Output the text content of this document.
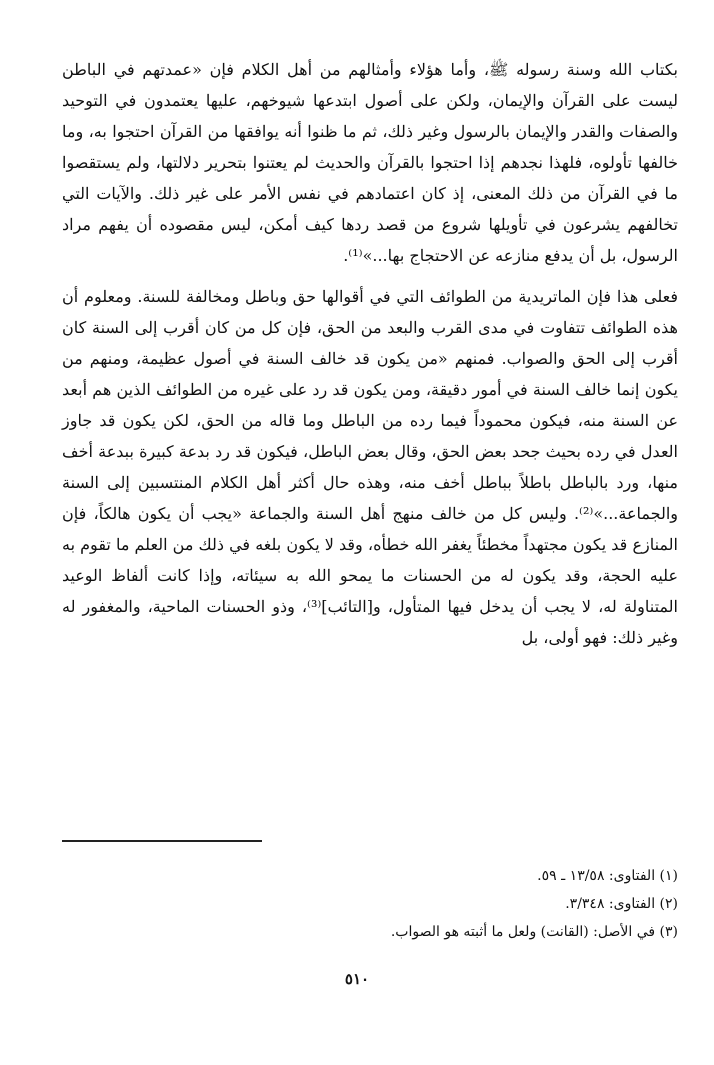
بكتاب الله وسنة رسوله ﷺ، وأما هؤلاء وأمثالهم من أهل الكلام فإن «عمدتهم في الباطن ليست على القرآن والإيمان، ولكن على أصول ابتدعها شيوخهم، عليها يعتمدون في التوحيد والصفات والقدر والإيمان بالرسول وغير ذلك، ثم ما ظنوا أنه يوافقها من القرآن احتجوا به، وما خالفها تأولوه، فلهذا نجدهم إذا احتجوا بالقرآن والحديث لم يعتنوا بتحرير دلالتها، ولم يستقصوا ما في القرآن من ذلك المعنى، إذ كان اعتمادهم في نفس الأمر على غير ذلك. والآيات التي تخالفهم يشرعون في تأويلها شروع من قصد ردها كيف أمكن، ليس مقصوده أن يفهم مراد الرسول، بل أن يدفع منازعه عن الاحتجاج بها...»⁽¹⁾.

فعلى هذا فإن الماتريدية من الطوائف التي في أقوالها حق وباطل ومخالفة للسنة. ومعلوم أن هذه الطوائف تتفاوت في مدى القرب والبعد من الحق، فإن كل من كان أقرب إلى السنة كان أقرب إلى الحق والصواب. فمنهم «من يكون قد خالف السنة في أصول عظيمة، ومنهم من يكون إنما خالف السنة في أمور دقيقة، ومن يكون قد رد على غيره من الطوائف الذين هم أبعد عن السنة منه، فيكون محموداً فيما رده من الباطل وما قاله من الحق، لكن يكون قد جاوز العدل في رده بحيث جحد بعض الحق، وقال بعض الباطل، فيكون قد رد بدعة كبيرة ببدعة أخف منها، ورد بالباطل باطلاً بباطل أخف منه، وهذه حال أكثر أهل الكلام المنتسبين إلى السنة والجماعة...»⁽²⁾. وليس كل من خالف منهج أهل السنة والجماعة «يجب أن يكون هالكاً، فإن المنازع قد يكون مجتهداً مخطئاً يغفر الله خطأه، وقد لا يكون بلغه في ذلك من العلم ما تقوم به عليه الحجة، وقد يكون له من الحسنات ما يمحو الله به سيئاته، وإذا كانت ألفاظ الوعيد المتناولة له، لا يجب أن يدخل فيها المتأول، و[التائب]⁽³⁾، وذو الحسنات الماحية، والمغفور له وغير ذلك: فهو أولى، بل

(١) الفتاوى: ١٣/٥٨ ـ ٥٩.

(٢) الفتاوى: ٣/٣٤٨.

(٣) في الأصل: (القانت) ولعل ما أثبته هو الصواب.

٥١٠
